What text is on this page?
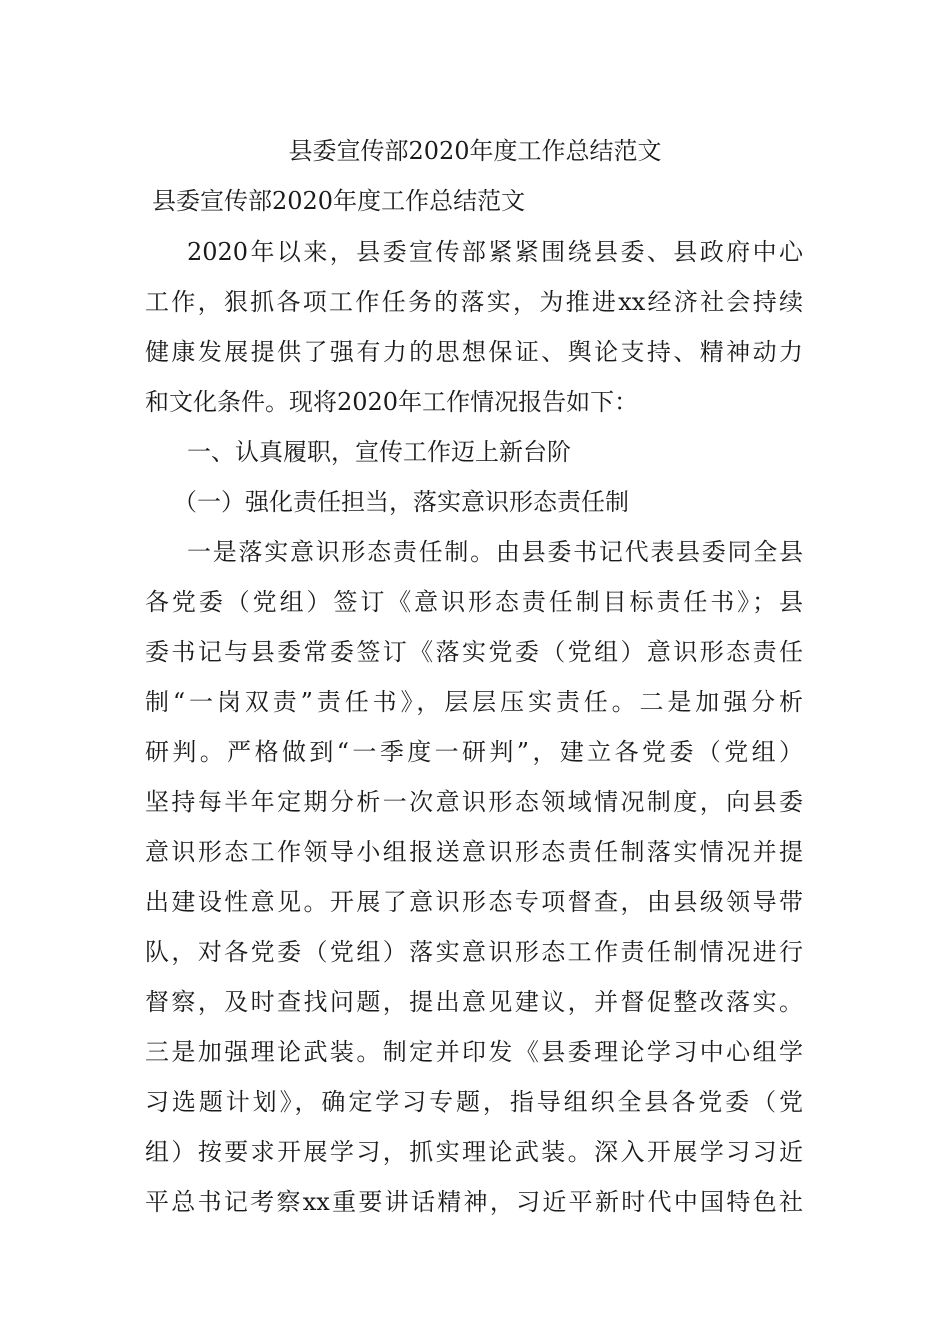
县委宣传部2020年度工作总结范文
县委宣传部2020年度工作总结范文
2020年以来，县委宣传部紧紧围绕县委、县政府中心
工作，狠抓各项工作任务的落实，为推进xx经济社会持续
健康发展提供了强有力的思想保证、舆论支持、精神动力
和文化条件。现将2020年工作情况报告如下：
一、认真履职，宣传工作迈上新台阶
（一）强化责任担当，落实意识形态责任制
一是落实意识形态责任制。由县委书记代表县委同全县
各党委（党组）签订《意识形态责任制目标责任书》；县
委书记与县委常委签订《落实党委（党组）意识形态责任
制“一岗双责”责任书》，层层压实责任。二是加强分析
研判。严格做到“一季度一研判”，建立各党委（党组）
坚持每半年定期分析一次意识形态领域情况制度，向县委
意识形态工作领导小组报送意识形态责任制落实情况并提
出建设性意见。开展了意识形态专项督查，由县级领导带
队，对各党委（党组）落实意识形态工作责任制情况进行
督察，及时查找问题，提出意见建议，并督促整改落实。
三是加强理论武装。制定并印发《县委理论学习中心组学
习选题计划》，确定学习专题，指导组织全县各党委（党
组）按要求开展学习，抓实理论武装。深入开展学习习近
平总书记考察xx重要讲话精神，习近平新时代中国特色社
